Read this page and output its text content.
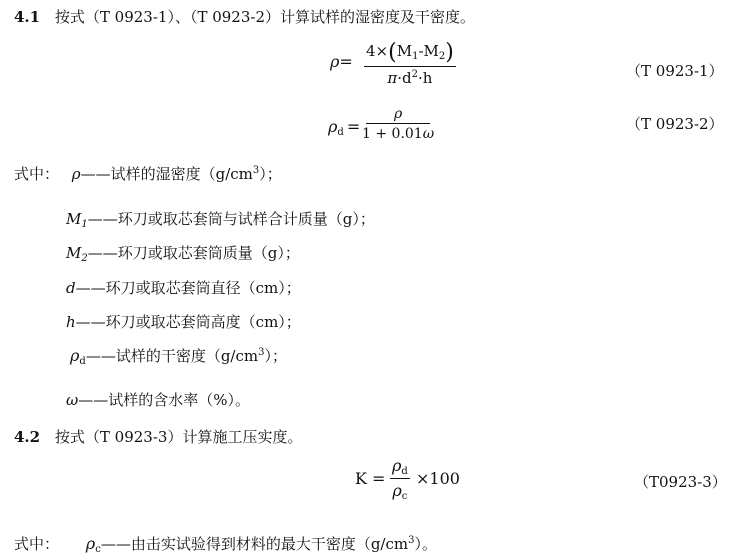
4.1 按式（T 0923-1）、（T 0923-2）计算试样的湿密度及干密度。
$\rho= \frac{4\times(M_1-M_2)}{\pi\cdot d^2\cdot h}$	（T 0923-1）
$\rho_d = \frac{\rho}{1 + 0.01\omega}$	（T 0923-2）
式中： ρ——试样的湿密度$(g/cm^3)$；
$M_1——$环刀或取芯套筒与试样合计质量（g）；
$M_2——$环刀或取芯套筒质量（g）；
d——环刀或取芯套筒直径（cm）；
h——环刀或取芯套筒高度（cm）；
$\rho_d——$试样的干密度$(g/cm^3)$；
ω——试样的含水率（%）。
4.2 按式（T 0923-3）计算施工压实度。
$K = \frac{\rho_d}{\rho_c} \times 100$	（T0923-3）
式中： $\rho_c——$由击实试验得到材料的最大干密度$(g/cm^3)$。
